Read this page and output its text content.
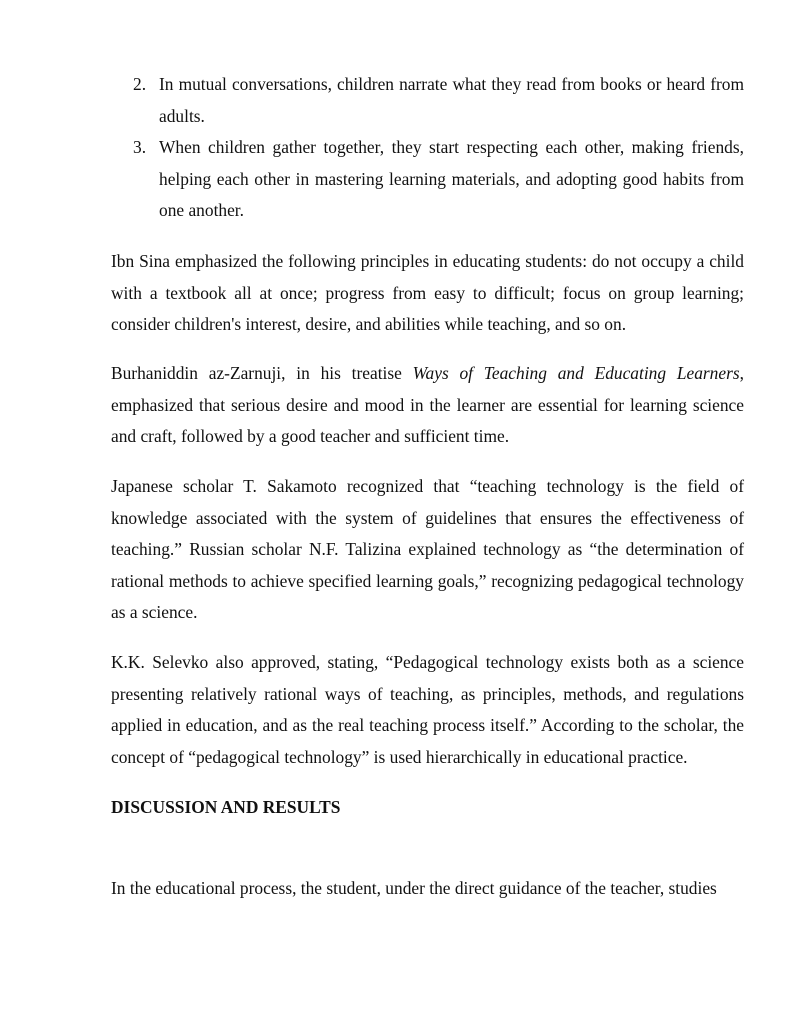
2. In mutual conversations, children narrate what they read from books or heard from adults.
3. When children gather together, they start respecting each other, making friends, helping each other in mastering learning materials, and adopting good habits from one another.

Ibn Sina emphasized the following principles in educating students: do not occupy a child with a textbook all at once; progress from easy to difficult; focus on group learning; consider children's interest, desire, and abilities while teaching, and so on.

Burhaniddin az-Zarnuji, in his treatise Ways of Teaching and Educating Learners, emphasized that serious desire and mood in the learner are essential for learning science and craft, followed by a good teacher and sufficient time.

Japanese scholar T. Sakamoto recognized that “teaching technology is the field of knowledge associated with the system of guidelines that ensures the effectiveness of teaching.” Russian scholar N.F. Talizina explained technology as “the determination of rational methods to achieve specified learning goals,” recognizing pedagogical technology as a science.

K.K. Selevko also approved, stating, “Pedagogical technology exists both as a science presenting relatively rational ways of teaching, as principles, methods, and regulations applied in education, and as the real teaching process itself.” According to the scholar, the concept of “pedagogical technology” is used hierarchically in educational practice.

DISCUSSION AND RESULTS

In the educational process, the student, under the direct guidance of the teacher, studies
